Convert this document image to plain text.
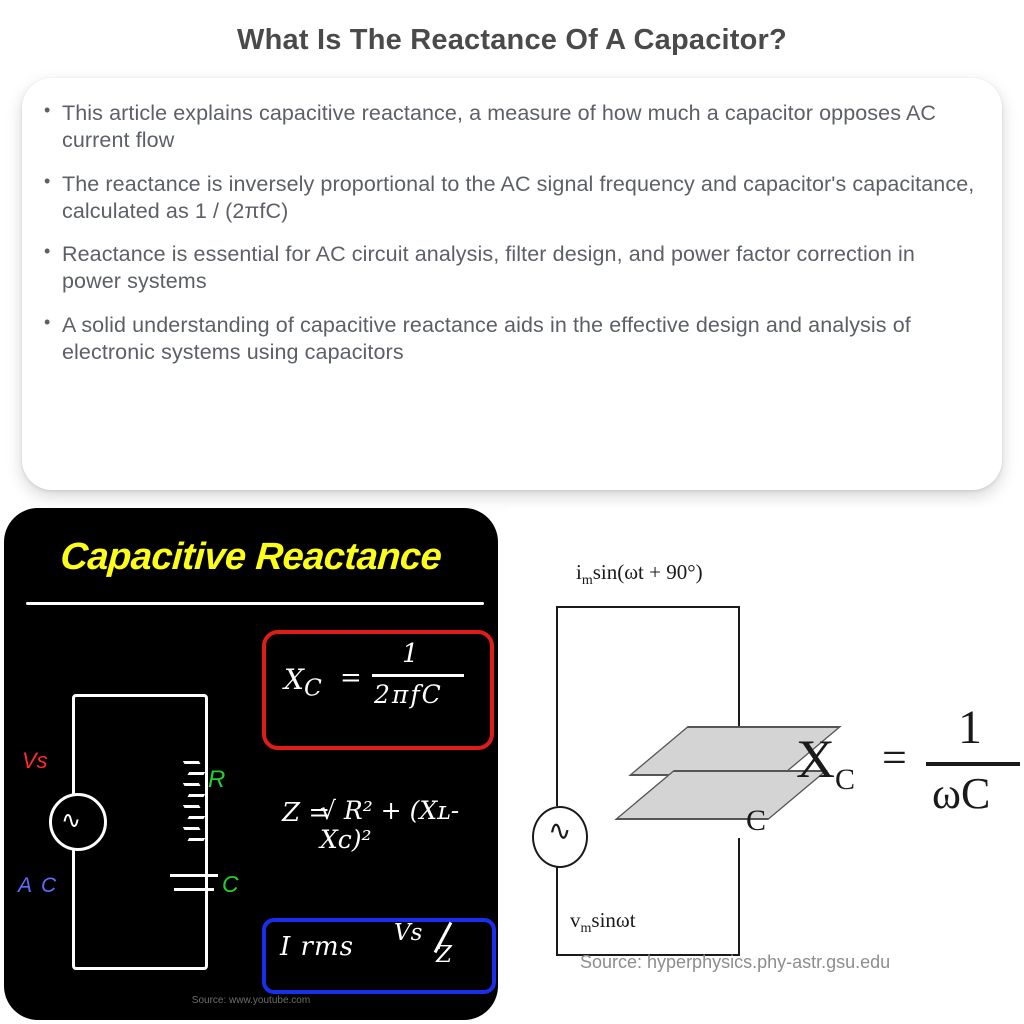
What Is The Reactance Of A Capacitor?
• This article explains capacitive reactance, a measure of how much a capacitor opposes AC current flow
• The reactance is inversely proportional to the AC signal frequency and capacitor's capacitance, calculated as 1 / (2πfC)
• Reactance is essential for AC circuit analysis, filter design, and power factor correction in power systems
• A solid understanding of capacitive reactance aids in the effective design and analysis of electronic systems using capacitors
Capacitive Reactance
∿
Vs
A C
R
C
$X_C$ =
1
2πfC
Z =
√ R² + (Xʟ-Xᴄ)²
I rms Vs
Z
Source: www.youtube.com
$i_m\sin(\omega t + 90^\circ)$
∿	C
$v_m\sin\omega t$
$X_C$ =
1
ωC
Source: hyperphysics.phy-astr.gsu.edu
